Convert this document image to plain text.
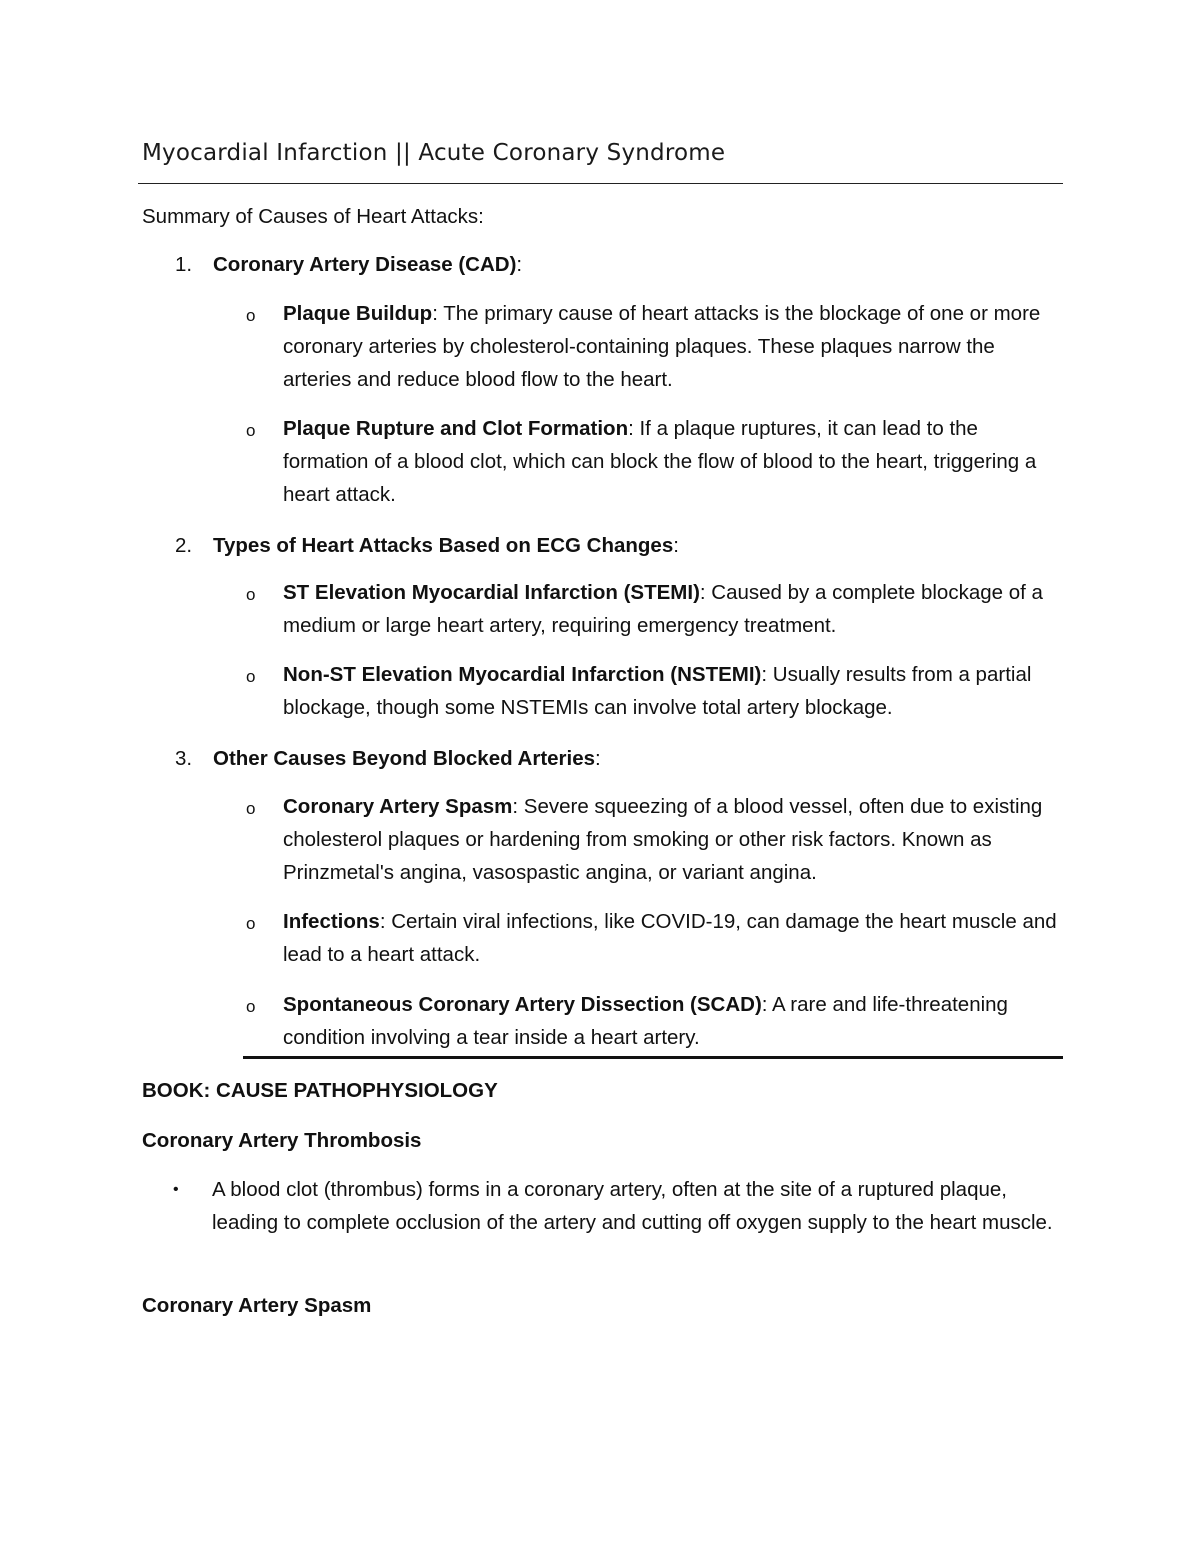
Myocardial Infarction || Acute Coronary Syndrome
Summary of Causes of Heart Attacks:
1. Coronary Artery Disease (CAD):
o Plaque Buildup: The primary cause of heart attacks is the blockage of one or more coronary arteries by cholesterol-containing plaques. These plaques narrow the arteries and reduce blood flow to the heart.
o Plaque Rupture and Clot Formation: If a plaque ruptures, it can lead to the formation of a blood clot, which can block the flow of blood to the heart, triggering a heart attack.
2. Types of Heart Attacks Based on ECG Changes:
o ST Elevation Myocardial Infarction (STEMI): Caused by a complete blockage of a medium or large heart artery, requiring emergency treatment.
o Non-ST Elevation Myocardial Infarction (NSTEMI): Usually results from a partial blockage, though some NSTEMIs can involve total artery blockage.
3. Other Causes Beyond Blocked Arteries:
o Coronary Artery Spasm: Severe squeezing of a blood vessel, often due to existing cholesterol plaques or hardening from smoking or other risk factors. Known as Prinzmetal's angina, vasospastic angina, or variant angina.
o Infections: Certain viral infections, like COVID-19, can damage the heart muscle and lead to a heart attack.
o Spontaneous Coronary Artery Dissection (SCAD): A rare and life-threatening condition involving a tear inside a heart artery.
BOOK: CAUSE PATHOPHYSIOLOGY
Coronary Artery Thrombosis
• A blood clot (thrombus) forms in a coronary artery, often at the site of a ruptured plaque, leading to complete occlusion of the artery and cutting off oxygen supply to the heart muscle.
Coronary Artery Spasm
